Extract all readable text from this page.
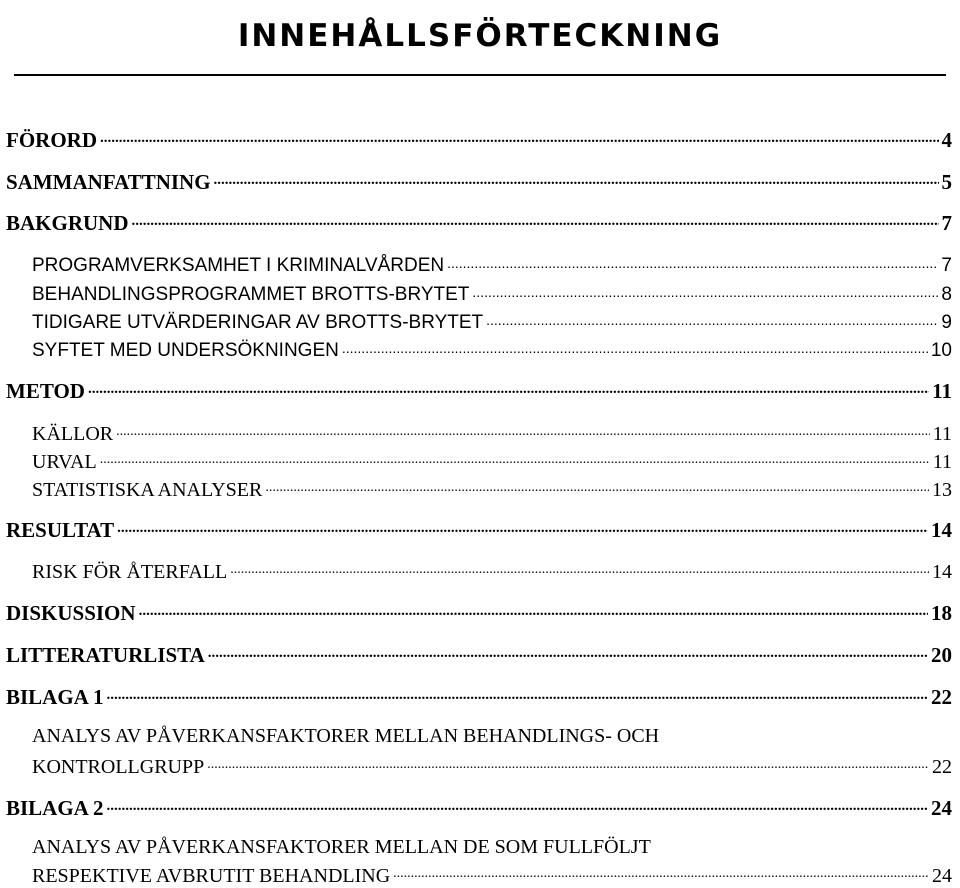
INNEHÅLLSFÖRTECKNING
FÖRORD .....	4
SAMMANFATTNING .....	5
BAKGRUND .....	7
PROGRAMVERKSAMHET I KRIMINALVÅRDEN .....	7
BEHANDLINGSPROGRAMMET BROTTS-BRYTET .....	8
TIDIGARE UTVÄRDERINGAR AV BROTTS-BRYTET .....	9
SYFTET MED UNDERSÖKNINGEN .....	10
METOD .....	11
KÄLLOR .....	11
URVAL .....	11
STATISTISKA ANALYSER .....	13
RESULTAT .....	14
RISK FÖR ÅTERFALL .....	14
DISKUSSION .....	18
LITTERATURLISTA .....	20
BILAGA 1 .....	22
ANALYS AV PÅVERKANSFAKTORER MELLAN BEHANDLINGS- OCH
KONTROLLGRUPP .....	22
BILAGA 2 .....	24
ANALYS AV PÅVERKANSFAKTORER MELLAN DE SOM FULLFÖLJT
RESPEKTIVE AVBRUTIT BEHANDLING .....	24
